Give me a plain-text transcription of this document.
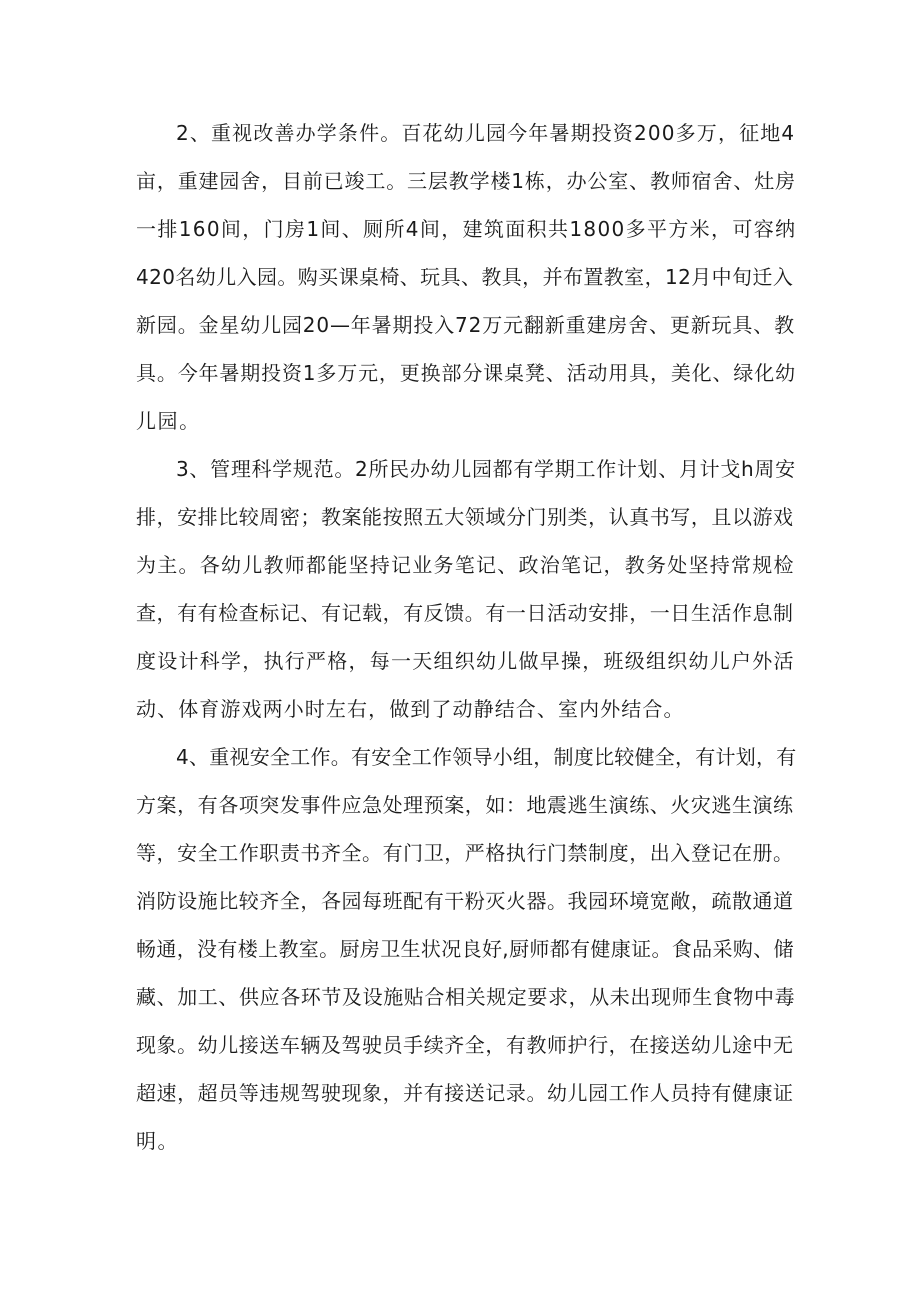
2、重视改善办学条件。百花幼儿园今年暑期投资200多万，征地4
亩，重建园舍，目前已竣工。三层教学楼1栋，办公室、教师宿舍、灶房
一排160间，门房1间、厕所4间，建筑面积共1800多平方米，可容纳
420名幼儿入园。购买课桌椅、玩具、教具，并布置教室，12月中旬迁入
新园。金星幼儿园20—年暑期投入72万元翻新重建房舍、更新玩具、教
具。今年暑期投资1多万元，更换部分课桌凳、活动用具，美化、绿化幼
儿园。
3、管理科学规范。2所民办幼儿园都有学期工作计划、月计戈h周安
排，安排比较周密；教案能按照五大领域分门别类，认真书写，且以游戏
为主。各幼儿教师都能坚持记业务笔记、政治笔记，教务处坚持常规检
查，有有检查标记、有记载，有反馈。有一日活动安排，一日生活作息制
度设计科学，执行严格，每一天组织幼儿做早操，班级组织幼儿户外活
动、体育游戏两小时左右，做到了动静结合、室内外结合。
4、重视安全工作。有安全工作领导小组，制度比较健全，有计划，有
方案，有各项突发事件应急处理预案，如：地震逃生演练、火灾逃生演练
等，安全工作职责书齐全。有门卫，严格执行门禁制度，出入登记在册。
消防设施比较齐全，各园每班配有干粉灭火器。我园环境宽敞，疏散通道
畅通，没有楼上教室。厨房卫生状况良好,厨师都有健康证。食品采购、储
藏、加工、供应各环节及设施贴合相关规定要求，从未出现师生食物中毒
现象。幼儿接送车辆及驾驶员手续齐全，有教师护行，在接送幼儿途中无
超速，超员等违规驾驶现象，并有接送记录。幼儿园工作人员持有健康证
明。
